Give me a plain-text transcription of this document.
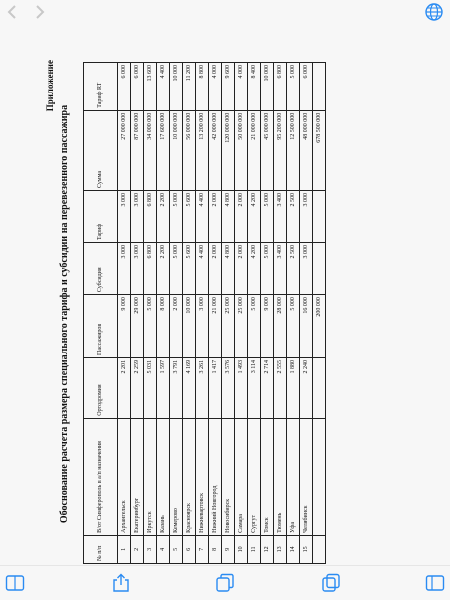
Приложение
Обоснование расчета размера специального тарифа и субсидии на перевезенного пассажира
№ п/п	В/от Симферополь в а/п назначения	Ортодромия	Пассажиров	Субсидия	Тариф	Сумма	Тариф RT
1	Архангельск	2 201	9 000	3 000	3 000	27 000 000	6 000
2	Екатеринбург	2 259	29 000	3 000	3 000	87 000 000	6 000
3	Иркутск	5 031	5 000	6 800	6 800	34 000 000	13 600
4	Казань	1 597	8 000	2 200	2 200	17 600 000	4 400
5	Кемерово	3 791	2 000	5 000	5 000	10 000 000	10 000
6	Красноярск	4 169	10 000	5 600	5 600	56 000 000	11 200
7	Нижневартовск	3 261	3 000	4 400	4 400	13 200 000	8 800
8	Нижний Новгород	1 417	21 000	2 000	2 000	42 000 000	4 000
9	Новосибирск	3 576	25 000	4 800	4 800	120 000 000	9 600
10	Самара	1 493	25 000	2 000	2 000	50 000 000	4 000
11	Сургут	3 114	5 000	4 200	4 200	21 000 000	8 400
12	Томск	2 714	9 000	5 000	5 000	45 000 000	10 000
13	Тюмень	2 555	28 000	3 400	3 400	95 200 000	6 800
14	Уфа	1 880	5 000	2 500	2 500	12 500 000	5 000
15	Челябинск	2 240	16 000	3 000	3 000	48 000 000	6 000
			200 000			678 500 000	
